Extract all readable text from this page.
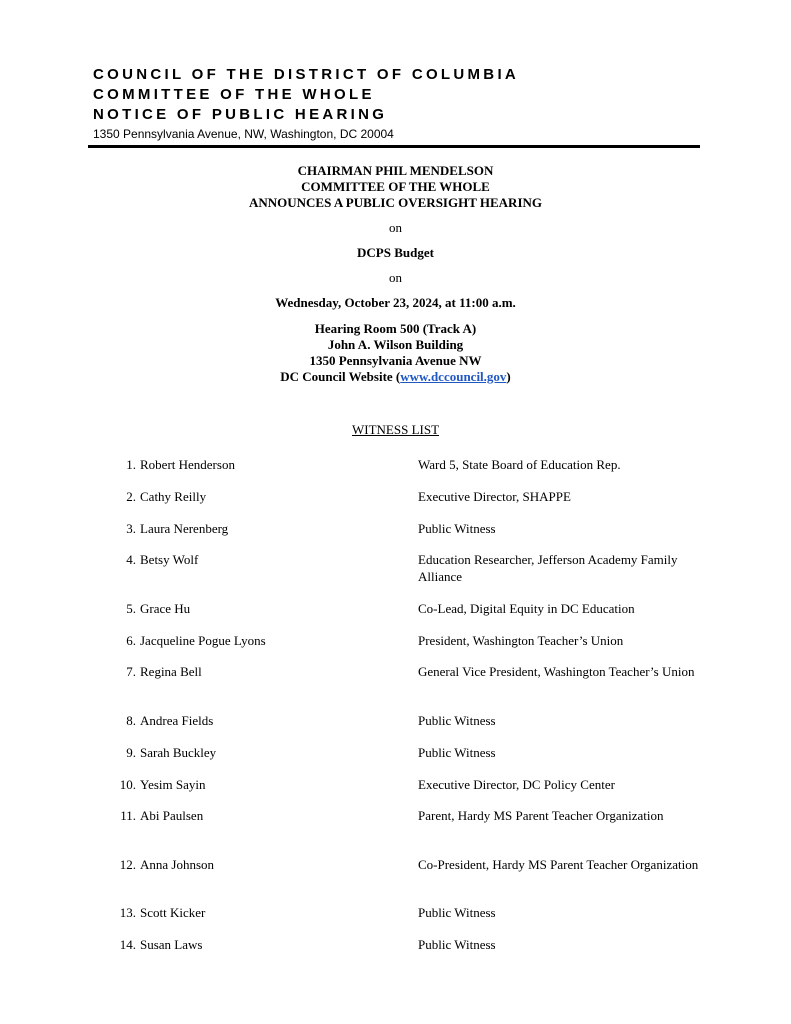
COUNCIL OF THE DISTRICT OF COLUMBIA
COMMITTEE OF THE WHOLE
NOTICE OF PUBLIC HEARING
1350 Pennsylvania Avenue, NW, Washington, DC 20004
CHAIRMAN PHIL MENDELSON
COMMITTEE OF THE WHOLE
ANNOUNCES A PUBLIC OVERSIGHT HEARING
on
DCPS Budget
on
Wednesday, October 23, 2024, at 11:00 a.m.
Hearing Room 500 (Track A)
John A. Wilson Building
1350 Pennsylvania Avenue NW
DC Council Website (www.dccouncil.gov)
WITNESS LIST
1. Robert Henderson	Ward 5, State Board of Education Rep.
2. Cathy Reilly	Executive Director, SHAPPE
3. Laura Nerenberg	Public Witness
4. Betsy Wolf	Education Researcher, Jefferson Academy Family Alliance
5. Grace Hu	Co-Lead, Digital Equity in DC Education
6. Jacqueline Pogue Lyons	President, Washington Teacher’s Union
7. Regina Bell	General Vice President, Washington Teacher’s Union
8. Andrea Fields	Public Witness
9. Sarah Buckley	Public Witness
10. Yesim Sayin	Executive Director, DC Policy Center
11. Abi Paulsen	Parent, Hardy MS Parent Teacher Organization
12. Anna Johnson	Co-President, Hardy MS Parent Teacher Organization
13. Scott Kicker	Public Witness
14. Susan Laws	Public Witness
